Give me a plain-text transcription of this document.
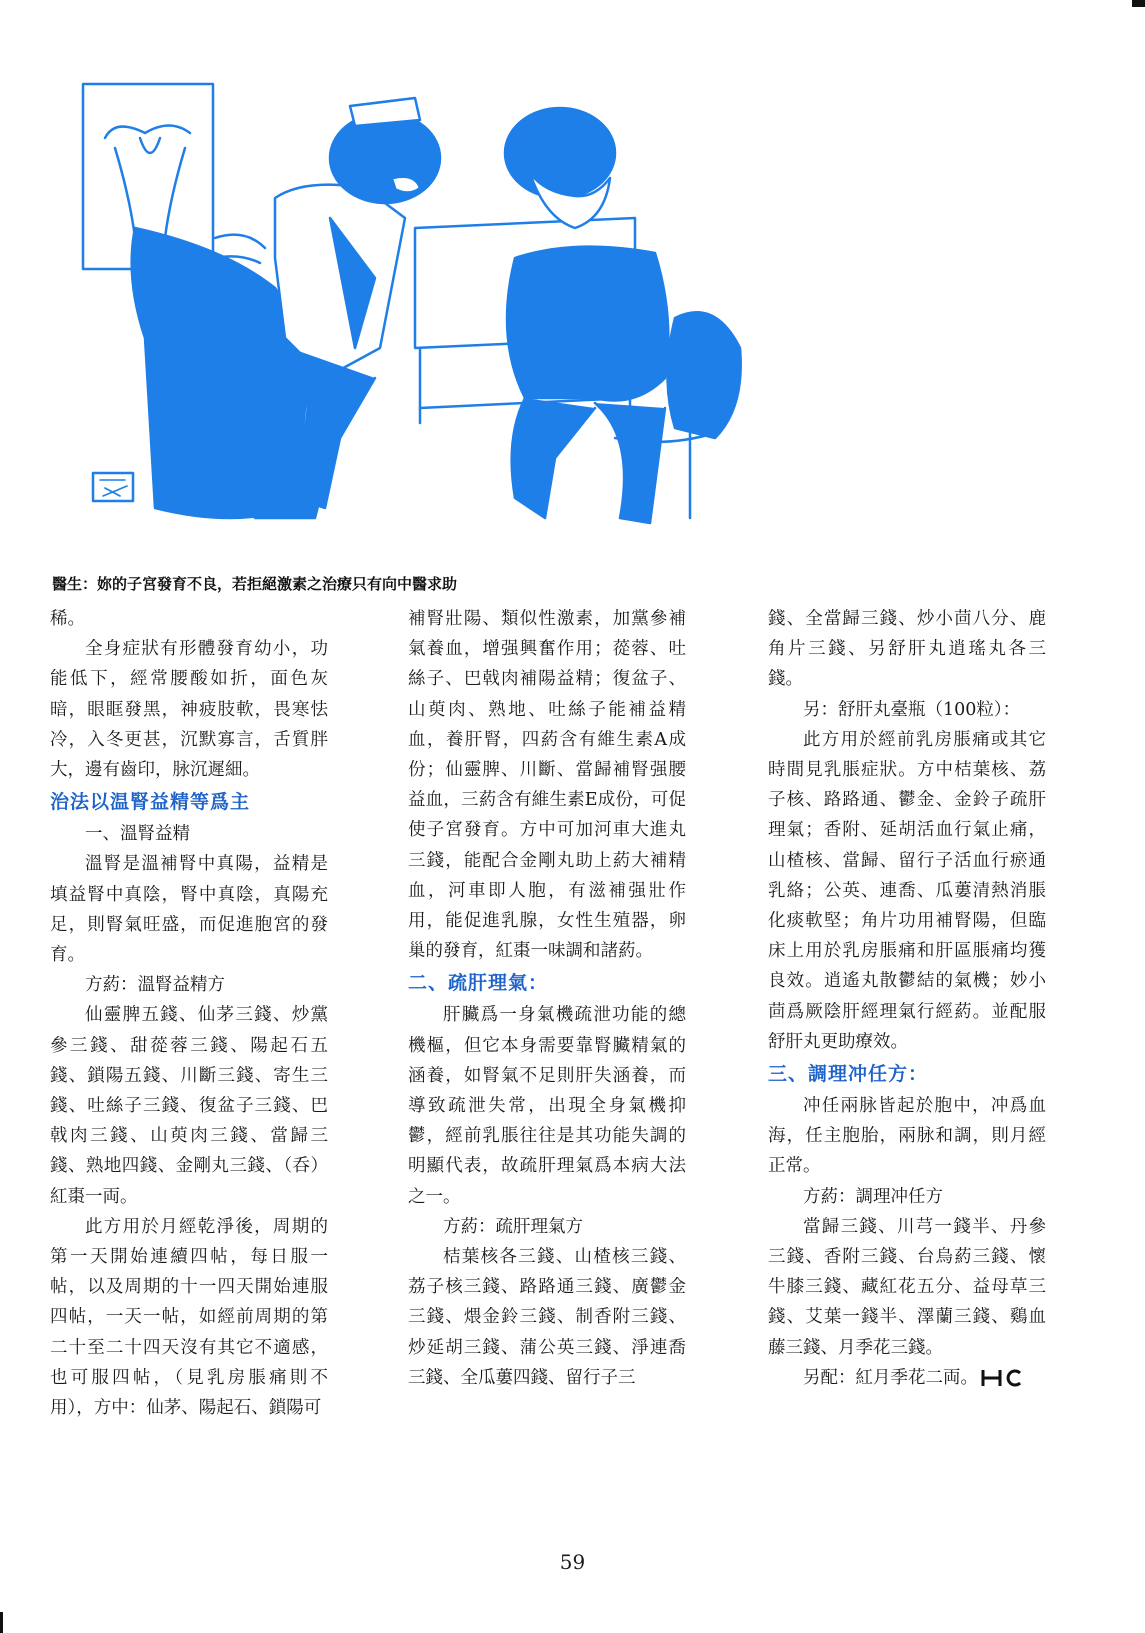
醫生：妳的子宮發育不良，若拒絕激素之治療只有向中醫求助

稀。

全身症狀有形體發育幼小，功能低下，經常腰酸如折，面色灰暗，眼眶發黑，神疲肢軟，畏寒怯冷，入冬更甚，沉默寡言，舌質胖大，邊有齒印，脉沉遲細。

治法以温腎益精等爲主

一、溫腎益精

溫腎是溫補腎中真陽，益精是填益腎中真陰，腎中真陰，真陽充足，則腎氣旺盛，而促進胞宮的發育。

方葯：溫腎益精方

仙靈脾五錢、仙茅三錢、炒黨參三錢、甜蓯蓉三錢、陽起石五錢、鎖陽五錢、川斷三錢、寄生三錢、吐絲子三錢、復盆子三錢、巴戟肉三錢、山萸肉三錢、當歸三錢、熟地四錢、金剛丸三錢、（呑）紅棗一両。

此方用於月經乾淨後，周期的第一天開始連續四帖，每日服一帖，以及周期的十一四天開始連服四帖，一天一帖，如經前周期的第二十至二十四天沒有其它不適感，也可服四帖，（見乳房脹痛則不用），方中：仙茅、陽起石、鎖陽可

補腎壯陽、類似性激素，加黨參補氣養血，增强興奮作用；蓯蓉、吐絲子、巴戟肉補陽益精；復盆子、山萸肉、熟地、吐絲子能補益精血，養肝腎，四葯含有維生素A成份；仙靈脾、川斷、當歸補腎强腰益血，三葯含有維生素E成份，可促使子宮發育。方中可加河車大進丸三錢，能配合金剛丸助上葯大補精血，河車即人胞，有滋補强壯作用，能促進乳腺，女性生殖器，卵巢的發育，紅棗一味調和諸葯。

二、疏肝理氣：

肝臟爲一身氣機疏泄功能的總機樞，但它本身需要靠腎臟精氣的涵養，如腎氣不足則肝失涵養，而導致疏泄失常，出現全身氣機抑鬱，經前乳脹往往是其功能失調的明顯代表，故疏肝理氣爲本病大法之一。

方葯：疏肝理氣方

桔葉核各三錢、山楂核三錢、荔子核三錢、路路通三錢、廣鬱金三錢、煨金鈴三錢、制香附三錢、炒延胡三錢、蒲公英三錢、淨連喬三錢、全瓜蔞四錢、留行子三

錢、全當歸三錢、炒小茴八分、鹿角片三錢、另舒肝丸逍瑤丸各三錢。

另：舒肝丸臺瓶（100粒）：

此方用於經前乳房脹痛或其它時間見乳脹症狀。方中桔葉核、荔子核、路路通、鬱金、金鈴子疏肝理氣；香附、延胡活血行氣止痛，山楂核、當歸、留行子活血行瘀通乳絡；公英、連喬、瓜蔞清熱消脹化痰軟堅；角片功用補腎陽，但臨床上用於乳房脹痛和肝區脹痛均獲良效。逍遙丸散鬱結的氣機；妙小茴爲厥陰肝經理氣行經葯。並配服舒肝丸更助療效。

三、調理冲任方：

冲任兩脉皆起於胞中，冲爲血海，任主胞胎，兩脉和調，則月經正常。

方葯：調理冲任方

當歸三錢、川芎一錢半、丹參三錢、香附三錢、台烏葯三錢、懷牛膝三錢、藏紅花五分、益母草三錢、艾葉一錢半、澤蘭三錢、鷄血藤三錢、月季花三錢。

另配：紅月季花二両。

59
